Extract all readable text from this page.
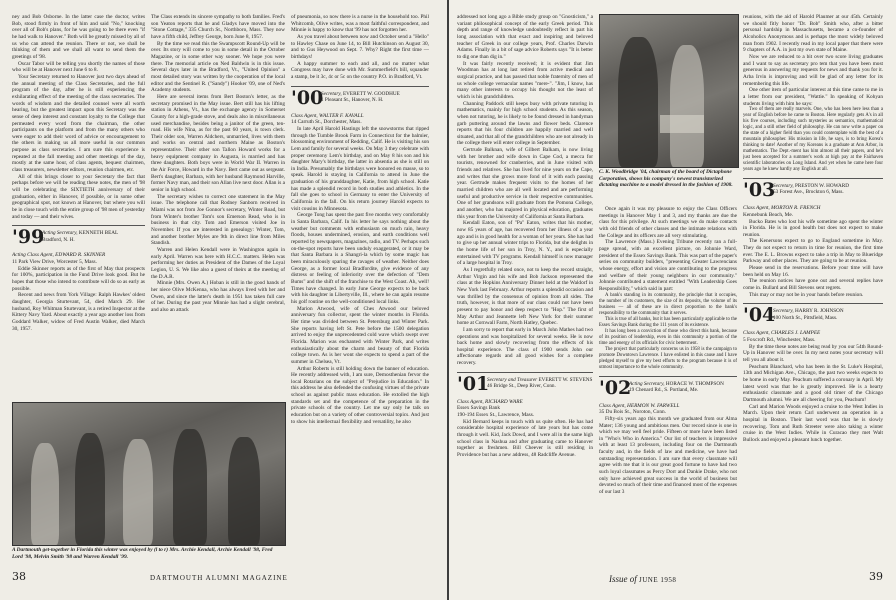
ney and Bob Osborne. In the latter case the doctor, writes Bob, stood firmly in front of him and said "No," knocking over all of Bob's plans, for he was going to be there even "if he had walk to Hanover." Both will be greatly missed by all of us who can attend the reunion. There or not, we shall be thinking of them and we shall all want to send them the greetings of '98.

Oscar Tabor will be telling you shortly the names of those who will be at Hanover next June 6 to 8.

Your Secretary returned to Hanover just two days ahead of the annual meeting of the Class Secretaries, and the full program of the day, after he is still experiencing the exhilarating effect of the meeting of the class secretaries. The words of wisdom and the detailed counsel were all worth hearing, but the greatest impact upon this Secretary was the sense of deep interest and constant loyalty to the College that permeated every word from the chairman, the other participants on the platform and from the many others who were eager to add their word of advice or encouragement to the others in making us all more useful in our common purpose as class secretaries. I am sure this experience is repeated at the fall meeting and other meetings of the day, mostly at the same hour, of class agents, bequest chairmen, class treasurers, newsletter editors, reunion chairmen, etc.

All of this brings closer to your Secretary the fact that perhaps before we will be reading these notes, the men of '98 will be celebrating the SIXTIETH anniversary of their graduation, either in Hanover, if possible, or in some other geographical spot, not known at Hanover, but where you will be in close touch with the entire group of '98 men of yesterday and today — and their wives.

'99
Acting Secretary, KENNETH BEAL
Bradford, N. H.

Acting Class Agent, EDWARD R. SKINNER

11 Park View Drive, Worcester 5, Mass.

Eddie Skinner reports as of the first of May that prospects for 100%, participation in the Fund Drive look good. But he hopes that those who intend to contribute will do so as early as possible.

Recent and news from York Village: Ralph Hawkes' oldest daughter, Georgia Sturtevant, 54, died March 29. Her husband, Roy Whitman Sturtevant, is a retired Inspector at the Kittery Navy Yard. About exactly a year ago another loss from Goddard Walker, widow of Fred Austin Walker, died March 30, 1957.

The Class extends its sincere sympathy to both families. Fred's son Yeaton reports that he and Gladys have moved into the "Stone Cottage," 335 Church St., Northboro, Mass. They now have a fifth child, Jeffrey George, born June 8, 1957.

By the time we read this the Swampscott Round-Up will be over. Its story will come to you in some detail in the October Magazine, or in some other way sooner. We hope you were there. The memorial article on Ned Baldwin is in this issue. Several days later in the Bradford, Vt., "United Opinion" a most detailed story was written by the cooperation of the local editor and the Sentinel R. ("Sandy") Hooker '09, one of Ned's Academy students.

Here are several items from Bert Boston's letter, as the secretary promised in the May issue. Bert still has his lifting station in Athens, Vt., has the exchange agency in Somerset County for a high-grade stove, and deals also in miscellaneous used merchandise, besides being a janitor of the green, ten-road. His wife Nina, as for the past 60 years, is town clerk. Their older son, Warren Aldchers, unmarried, lives with them and works on central and northern Maine as Boston's representative. Their other son Tallon Howard works for a heavy equipment company in Augusta, is married and has three daughters. Both boys were in World War II. Warren in the Air Force, Howard in the Navy. Bert came out as sergeant. Bert's daughter, Barbara, with her husband Raymond Harville, former Navy man, and their son Allan live next door. Allan is a senior in high school.

The secretary wishes to correct one statement in the May issue. The telephone call that Rodney Sanborn received in Miami was not from Joe Gonnor's secretary, Winter Road, but from Winter's brother Tom's son Emerson Read, who is in business in that city. Tom and Emerson visited Joe in November. If you are interested in genealogy: Winter, Tom, and another brother Myles are 9th in direct line from Miles Standish.

Warren and Helen Kendall were in Washington again in early April. Warren was here with H.C.C. matters. Helen was performing her duties as President of the Dames of the Loyal Legion, U. S. We like also a guest of theirs at the meeting of the D.A.R.

Minnie (Mrs. Owen A.) Hoban is still in the good hands of her niece Olive McKenna, who has always lived with her and Owen, and since the latter's death in 1951 has taken full care of her. During the past year Minnie has had a slight cerebral, and also an attack

of pneumonia, so now there is a nurse in the household too. Phil Whitcomb, Olive writes, was a most faithful correspondent, and Minnie is happy to know that '99 has not forgotten her.

As you travel about between now and October send a "Hello" to Hawley Chase on June 14, to Bill Hutchinson on August 30, and to Gus Heywood on Sept. 7. Why? Right the first time — birthdays!

A happy summer to each and all, and no matter what Congress may have done with Mr. Summerfield's bill, squander a stamp, be it 3c, 4c or 5c on the country P.O. in Bradford, Vt.

'00
Secretary, EVERETT W. GOODHUE
1 Pleasant St., Hanover, N. H.

Class Agent, WALTER F. KAVALL

14 Carruth St., Dorchester, Mass.

In late April Harold Hastings left the snowstorms that ripped through the Tumble Brook Farm in Connecticut for the balmier, blossoming environment of Redding, Calif. He is visiting his son Lem and family for several weeks. On May 3 they celebrate with proper ceremony Lem's birthday, and on May 8 his son and his daughter Mary's birthday, the latter in absentia as she is still on in India. Presumably the birthdays were honored en masse, so to speak. Harold is staying in California to attend in June the graduation of his granddaughter, Katie, from high school. Katie has made a splendid record in both studies and athletics. In the fall she goes to school in Germany to enter the University of California in the fall. On his return journey Harold expects to visit cousins in Minnesota.

George Tong has spent the past five months very comfortably in Santa Barbara, Calif. In his letter he says nothing about the weather but comments with enthusiasm on much rain, heavy floods, houses undermined, erosion, and earth conditions well reported by newspapers, magazines, radio, and TV. Perhaps such on-the-spot reports have been unduly exaggerated, or it may be that Santa Barbara is a Shangri-la which by some magic has been miraculously sparing the ravages of weather. Neither does George, as a former local Bradfordite, give evidence of any distress or feeling of inferiority over the defection of "Dem Bums" and the shift of the franchise to the West Coast. Ah, well! Times have changed. In early June George expects to be back with his daughter in Libertyville, Ill., where he can again resume his golf routine on the well-conditioned local links.

Marion Atwood, wife of Ches Atwood our beloved anniversary fun collector, spent the winter months in Florida. Her time was divided between St. Petersburg and Winter Park. She reports having left St. Pete before the 1500 delegation arrived to enjoy the unprecedented cold wave which swept over Florida. Marion was enchanted with Winter Park, and writes enthusiastically about the charm and beauty of that Florida college town. As is her wont she expects to spend a part of the summer in Chelsea, Vt.

Arthur Roberts is still holding down the banner of education. He recently addressed with, I am sure, Demosthenian fervor the local Rotarians on the subject of "Prejudice in Education." In this address he also defended the confusing virtues of the private school as against public mass education. He extolled the high standards set and the competence of the preparation in the private schools of the country. Let me say only he talk on education but on a variety of other controversial topics. And just to show his intellectual flexibility and versatility, he also

A Dartmouth get-together in Florida this winter was enjoyed by (l to r) Mrs. Archie Kendall, Archie Kendall '98, Fred Lord '98, Melvin Smith '98 and Warren Kendall '99.
38	DARTMOUTH ALUMNI MAGAZINE

addressed not long ago a Bible study group on "Gnosticism," a variant philosophical concept of the early Greek period. This depth and range of knowledge undoubtedly reflect in part his long association with that exact and inspiring and beloved teacher of Greek in our college years, Prof. Charles Darwin Adams. Finally in a bit of sage advice Roberts says "It is better to dig one than dig in."

It was fairly recently received; it is evident that Jim Woodman has at long last retired from active medical and surgical practice, and has passed that noble fraternity of men of us whole college vernacular names "mere-". "Jim, I know, has many other interests to occupy his thought not the least of which is his grandchildren.

Channing Paddock still keeps busy with private tutoring in mathematics, mainly for high school students. As this season, when not tutoring, he is likely to be found dressed in handyman garb puttering around the lawns and flower beds. Clarence reports that his four children are happily married and well situated, and that all of the grandchildren who are not already in the college there will enter college in September.

Gertrude Balknan, wife of Gilbert Balkam, is now living with her brother and wife down in Cape Cod, a mecca for tourists, renowned for cranberries, and in June visited with friends and relatives. She has lived for nine years on the Cape, and writes that she grows more fond of it with each passing year. Gertrude makes frequent visits to the homes of her married children who are all well located and are performing useful and productive service in their respective communities. One of her grandsons will graduate from the Pomona College, and another, who has majored in physical education, graduates this year from the University of California at Santa Barbara.

Kendall Eaton, son of "Pa" Eaton, writes that his mother, now 85 years of age, has recovered from her illness of a year ago and is in good health for a woman of her years. She has had to give up her annual winter trips to Florida, but she delights in the home life of her son in Troy, N. Y., and is especially entertained with TV programs. Kendall himself is now manager of a large hospital in Troy.

As I regretfully related once, not to keep the record straight, Arthur Virgin and his wife and Bob Jackson represented the class at the Hopkins Anniversary Dinner held at the Waldorf in New York last February. Arthur reports a splendid occasion and was thrilled by the consensus of opinion from all sides. The truth, however, is that more of our class could not have been present to pay honor and deep respect to "Hop." The first of May Arthur and Jeannette left New York for their summer home at Cornwall Farm, North Hatley, Quebec.

I am sorry to report that early in March John Mathes had two operations and was hospitalized for several weeks. He is now back home and slowly recovering from the effects of his hospital experience. The class of 1900 sends John our affectionate regards and all good wishes for a complete recovery.

'01
Secretary and Treasurer EVERETT W. STEVENS
46 Bridge St., Deep River, Conn.

Class Agent, RICHARD WARE

Essex Savings Bank

190-194 Essex St., Lawrence, Mass.

Kid Bernard keeps in touch with us quite often. He has had considerable hospital experience of late years but has come through it well. Kid, Jack Dowd, and I were all in the same high school class in Nashua and after graduating came to Hanover together as freshmen. Bill Cheever is still residing in Providence but has a new address, 48 Radcliffe Avenue.

C. K. Woodbridge '04, chairman of the board of Dictaphone Corporation, shows his company's newest transistorized dictating machine to a model dressed in the fashion of 1908.

Once again it was my pleasure to enjoy the Class Officers meetings in Hanover May 1 and 3, and my thanks are due the class for this privilege. At such meetings we do make contacts with old friends of other classes and the intimate relations with the College and its officers are all very stimulating.

The Lawrence (Mass.) Evening Tribune recently ran a full-page spread, with an excellent picture, on Johnnie Ward, president of the Essex Savings Bank. This was part of the paper's series on community builders, "presenting Greater Lawrencians whose energy, effort and vision are contributing to the progress and welfare of their young neighbors in our community." Johnnie contributed a statement entitled "With Leadership Goes Responsibility," which said in part:

A bank's standing in its community, the principle that it occupies, the number of its customers, the size of its deposits, the volume of its business — all of these are in direct proportion to the bank's responsibility to the community that it serves.

This is true of all banks, but it has been particularly applicable to the Essex Savings Bank during the 111 years of its existence.

It has long been a conviction of those who direct this bank, because of its position of leadership, even in this community a portion of the time and energy of its officials for civic betterment.

The project that particularly concerns us in 1958 is the campaign to promote Downtown Lawrence. I have enlisted in this cause and I have pledged myself to give my best efforts to the program because it is of utmost importance to the whole community.

'02
Acting Secretary, HORACE W. THOMPSON
19 Chenard Rd., S. Portland, Me.

Class Agent, HERMON W. FARWELL

35 Du Bois St., Noroton, Conn.

Fifty-six years ago this month we graduated from our Alma Mater; 136 young and ambitious men. Our record since is one in which we may well feel pride. Fifteen or more have been listed in "Who's Who in America." Our list of teachers is impressive with at least 13 professors, including four on the Dartmouth faculty and, in the fields of law and medicine, we have had outstanding representation. I am sure that every classmate will agree with me that it is our great good fortune to have had two such loyal classmates as Percy Dorr and Dankie Drake, who not only have achieved great success in the world of business but devoted so much of their time and financed most of the expenses of our last 3

reunions, with the aid of Harold Plaumer at our 45th. Certainly we should fitly honor "Dr. Bob" Smith who, after a bitter personal hardship in Massachusetts, became a co-founder of Alcoholics Anonymous and is perhaps the most widely beloved man from 1902. I recently read in my local paper that there were 9 chapters of A.A. in just my own state of Maine.

Now we are reduced to a bit over two score living graduates and I want to say as secretary pro tem that you have been most generous in answering my requests for news and thank you for it. Arba Irvin is improving and will be glad of any letter for its remembering this life.

One other item of particular interest at this time came to me in a letter from our president, "Wattie." In speaking of Kohyan students living with him he says:

Two of them are really marvels. One, who has been here less than a year of English before he came to Boston. Here regularly gets A's in all his five courses, including such mysteries as semantics, mathematical logic, and a still other field of philosophy. He can now write a paper on the state of a higher field than you could contemplate with the best of a mountain philosopher. His mission in life, he says, is to bring Korea's thinking to date! Another of my Koreans is a graduate at Ann Arbor, in mathematics. The Dept.-ment has him almost all their papers, and he's just been accepted for a summer's work at high pay at the Fairhaven scientific laboratories on Long Island. And yet when he came here four years ago he knew hardly any English at all.

'03
Secretary, PRESTON W. HOWARD
53 Forest Ave., Brockton 6, Mass.

Class Agent, MORTON R. FRENCH

Kennebunk Beach, Me.

Bucko Bates who lost his wife sometime ago spent the winter in Florida. He is in good health but does not expect to make reunion.

The Kenersons expect to go to England sometime in May. They do not expect to return in time for reunion, the first time ever. The E. L. Browns expect to take a trip in May to Blueridge Parkway and other places. They are going to be at reunion.

Please send in the reservations. Before your time will have been held on May 16.

The reunion notices have gone out and several replies have come in. Bullard and Bill Stevens sent regrets.

This may or may not be in your hands before reunion.

'04
Secretary, HARRY R. JOHNSON
100 North St., Pittsfield, Mass.

Class Agent, CHARLES J. LAMPEE

5 Foxcroft Rd., Winchester, Mass.

By the time these notes are being read by you our 54th Round-Up in Hanover will be over. In my next notes your secretary will tell you all about it.

Peachum Blanchard, who has been in the St. Luke's Hospital, 13th and Michigan Ave., Chicago, the past two weeks expects to be home in early May. Peachum suffered a coronary in April. My latest word was that he is greatly improved. He is a hearty enthusiastic classmate and a good old timer of the Chicago Dartmouth alumni. We are all cheering for you, Peachum!

Carl and Marion Woods enjoyed a cruise to the West Indies in March. Upon their return Carl underwent an operation in a hospital in Boston. Their last word was that he is slowly recovering. Tom and Ruth Streeter were also taking a winter cruise in the West Indies. While in Curacao they met Walt Bullock and enjoyed a pleasant lunch together.

Issue of JUNE 1958	39
